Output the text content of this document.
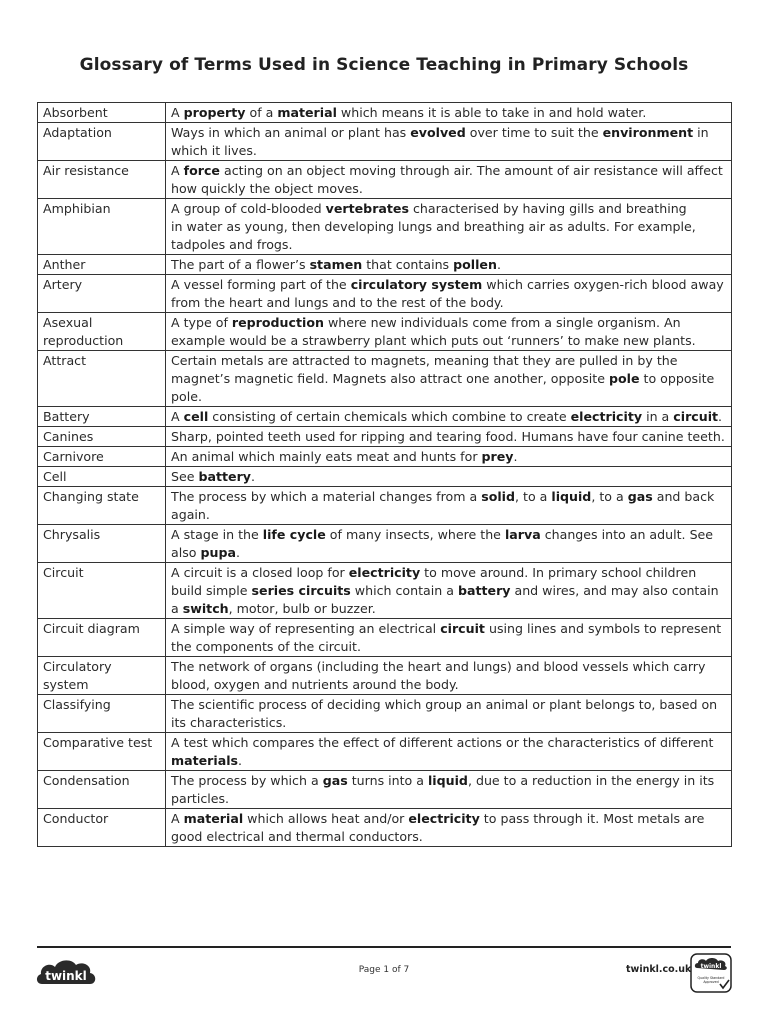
Glossary of Terms Used in Science Teaching in Primary Schools
Absorbent	A property of a material which means it is able to take in and hold water.
Adaptation	Ways in which an animal or plant has evolved over time to suit the environment in which it lives.
Air resistance	A force acting on an object moving through air. The amount of air resistance will affect how quickly the object moves.
Amphibian	A group of cold-blooded vertebrates characterised by having gills and breathing
in water as young, then developing lungs and breathing air as adults. For example, tadpoles and frogs.
Anther	The part of a flower’s stamen that contains pollen.
Artery	A vessel forming part of the circulatory system which carries oxygen-rich blood away from the heart and lungs and to the rest of the body.
Asexual reproduction	A type of reproduction where new individuals come from a single organism. An example would be a strawberry plant which puts out ‘runners’ to make new plants.
Attract	Certain metals are attracted to magnets, meaning that they are pulled in by the magnet’s magnetic field. Magnets also attract one another, opposite pole to opposite pole.
Battery	A cell consisting of certain chemicals which combine to create electricity in a circuit.
Canines	Sharp, pointed teeth used for ripping and tearing food. Humans have four canine teeth.
Carnivore	An animal which mainly eats meat and hunts for prey.
Cell	See battery.
Changing state	The process by which a material changes from a solid, to a liquid, to a gas and back again.
Chrysalis	A stage in the life cycle of many insects, where the larva changes into an adult. See also pupa.
Circuit	A circuit is a closed loop for electricity to move around. In primary school children build simple series circuits which contain a battery and wires, and may also contain a switch, motor, bulb or buzzer.
Circuit diagram	A simple way of representing an electrical circuit using lines and symbols to represent the components of the circuit.
Circulatory system	The network of organs (including the heart and lungs) and blood vessels which carry blood, oxygen and nutrients around the body.
Classifying	The scientific process of deciding which group an animal or plant belongs to, based on its characteristics.
Comparative test	A test which compares the effect of different actions or the characteristics of different materials.
Condensation	The process by which a gas turns into a liquid, due to a reduction in the energy in its particles.
Conductor	A material which allows heat and/or electricity to pass through it. Most metals are good electrical and thermal conductors.
twinkl	Page 1 of 7	twinkl.co.uk twinkl
Quality Standard
Approved
